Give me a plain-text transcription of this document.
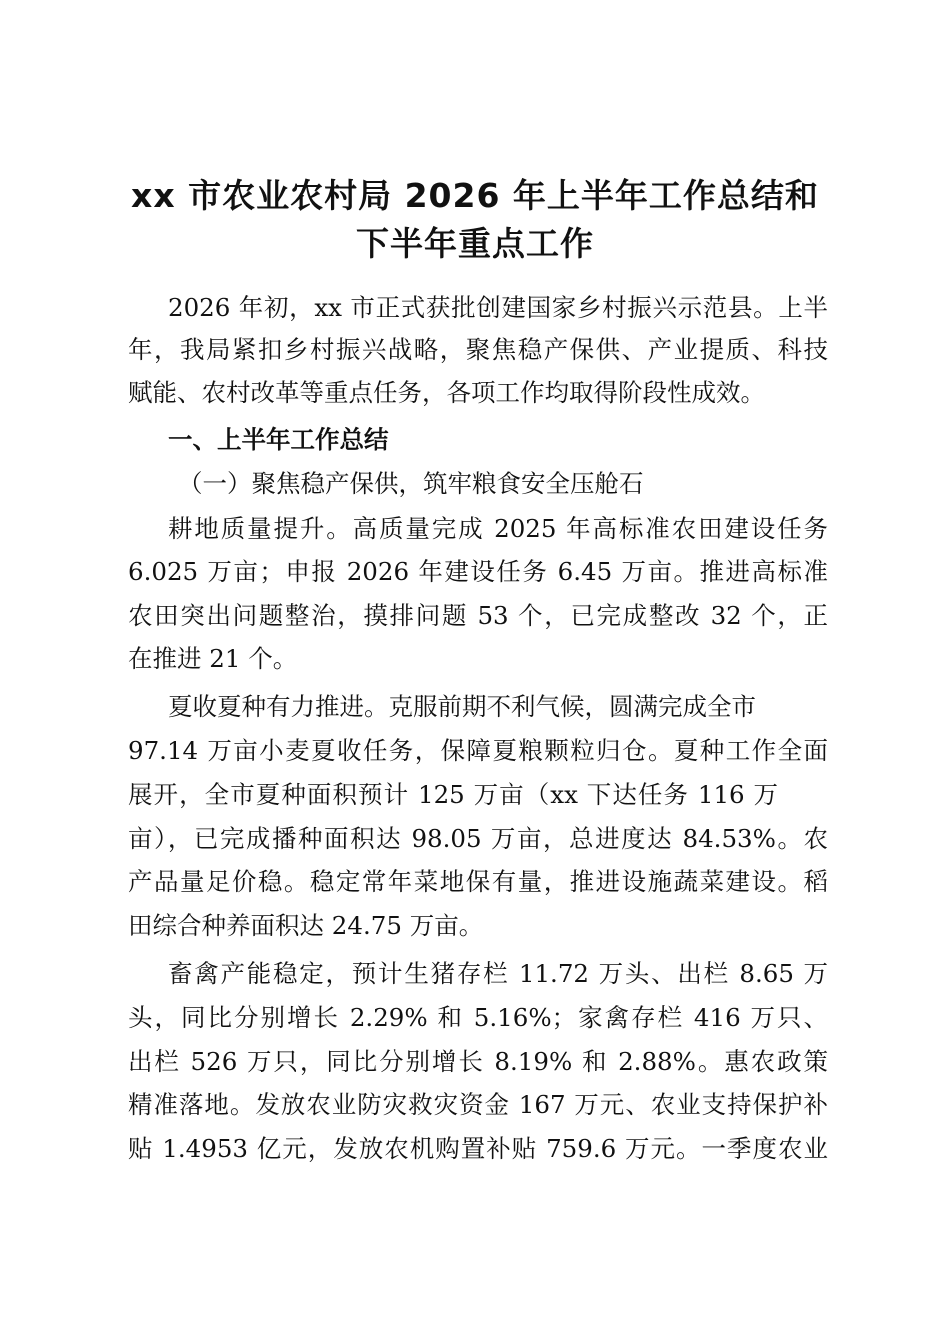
xx 市农业农村局 2026 年上半年工作总结和
下半年重点工作

2026 年初，xx 市正式获批创建国家乡村振兴示范县。上半

年，我局紧扣乡村振兴战略，聚焦稳产保供、产业提质、科技

赋能、农村改革等重点任务，各项工作均取得阶段性成效。

一、上半年工作总结

（一）聚焦稳产保供，筑牢粮食安全压舱石

耕地质量提升。高质量完成 2025 年高标准农田建设任务

6.025 万亩；申报 2026 年建设任务 6.45 万亩。推进高标准

农田突出问题整治，摸排问题 53 个，已完成整改 32 个，正

在推进 21 个。

夏收夏种有力推进。克服前期不利气候，圆满完成全市

97.14 万亩小麦夏收任务，保障夏粮颗粒归仓。夏种工作全面

展开，全市夏种面积预计 125 万亩（xx 下达任务 116 万

亩），已完成播种面积达 98.05 万亩，总进度达 84.53%。农

产品量足价稳。稳定常年菜地保有量，推进设施蔬菜建设。稻

田综合种养面积达 24.75 万亩。

畜禽产能稳定，预计生猪存栏 11.72 万头、出栏 8.65 万

头，同比分别增长 2.29% 和 5.16%；家禽存栏 416 万只、

出栏 526 万只，同比分别增长 8.19% 和 2.88%。惠农政策

精准落地。发放农业防灾救灾资金 167 万元、农业支持保护补

贴 1.4953 亿元，发放农机购置补贴 759.6 万元。一季度农业
